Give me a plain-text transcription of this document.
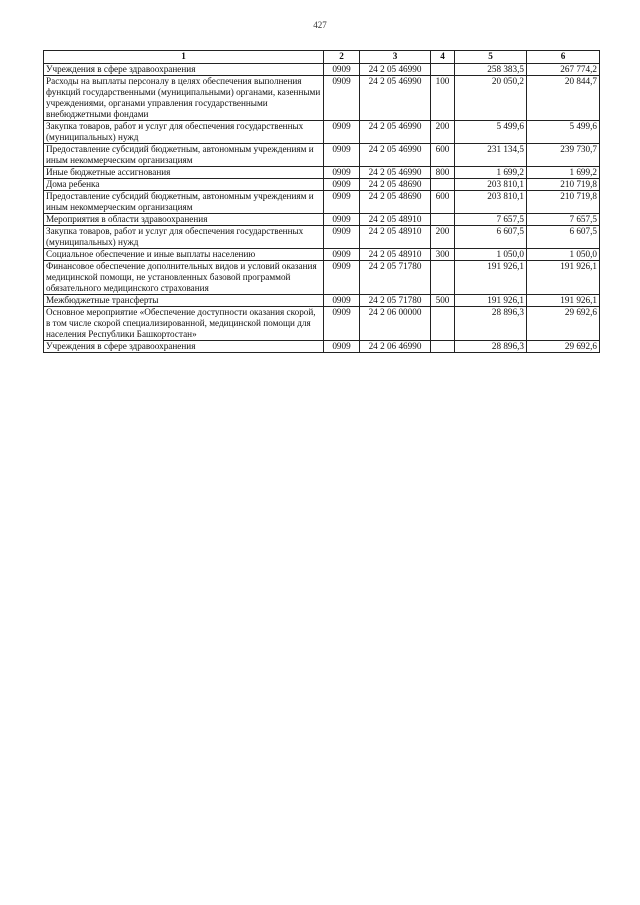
427
1	2	3	4	5	6
Учреждения в сфере здравоохранения	0909	24 2 05 46990		258 383,5	267 774,2
Расходы на выплаты персоналу в целях обеспечения выполнения функций государственными (муниципальными) органами, казенными учреждениями, органами управления государственными внебюджетными фондами	0909	24 2 05 46990	100	20 050,2	20 844,7
Закупка товаров, работ и услуг для обеспечения государственных (муниципальных) нужд	0909	24 2 05 46990	200	5 499,6	5 499,6
Предоставление субсидий бюджетным, автономным учреждениям и иным некоммерческим организациям	0909	24 2 05 46990	600	231 134,5	239 730,7
Иные бюджетные ассигнования	0909	24 2 05 46990	800	1 699,2	1 699,2
Дома ребенка	0909	24 2 05 48690		203 810,1	210 719,8
Предоставление субсидий бюджетным, автономным учреждениям и иным некоммерческим организациям	0909	24 2 05 48690	600	203 810,1	210 719,8
Мероприятия в области здравоохранения	0909	24 2 05 48910		7 657,5	7 657,5
Закупка товаров, работ и услуг для обеспечения государственных (муниципальных) нужд	0909	24 2 05 48910	200	6 607,5	6 607,5
Социальное обеспечение и иные выплаты населению	0909	24 2 05 48910	300	1 050,0	1 050,0
Финансовое обеспечение дополнительных видов и условий оказания медицинской помощи, не установленных базовой программой обязательного медицинского страхования	0909	24 2 05 71780		191 926,1	191 926,1
Межбюджетные трансферты	0909	24 2 05 71780	500	191 926,1	191 926,1
Основное мероприятие «Обеспечение доступности оказания скорой, в том числе скорой специализированной, медицинской помощи для населения Республики Башкортостан»	0909	24 2 06 00000		28 896,3	29 692,6
Учреждения в сфере здравоохранения	0909	24 2 06 46990		28 896,3	29 692,6
